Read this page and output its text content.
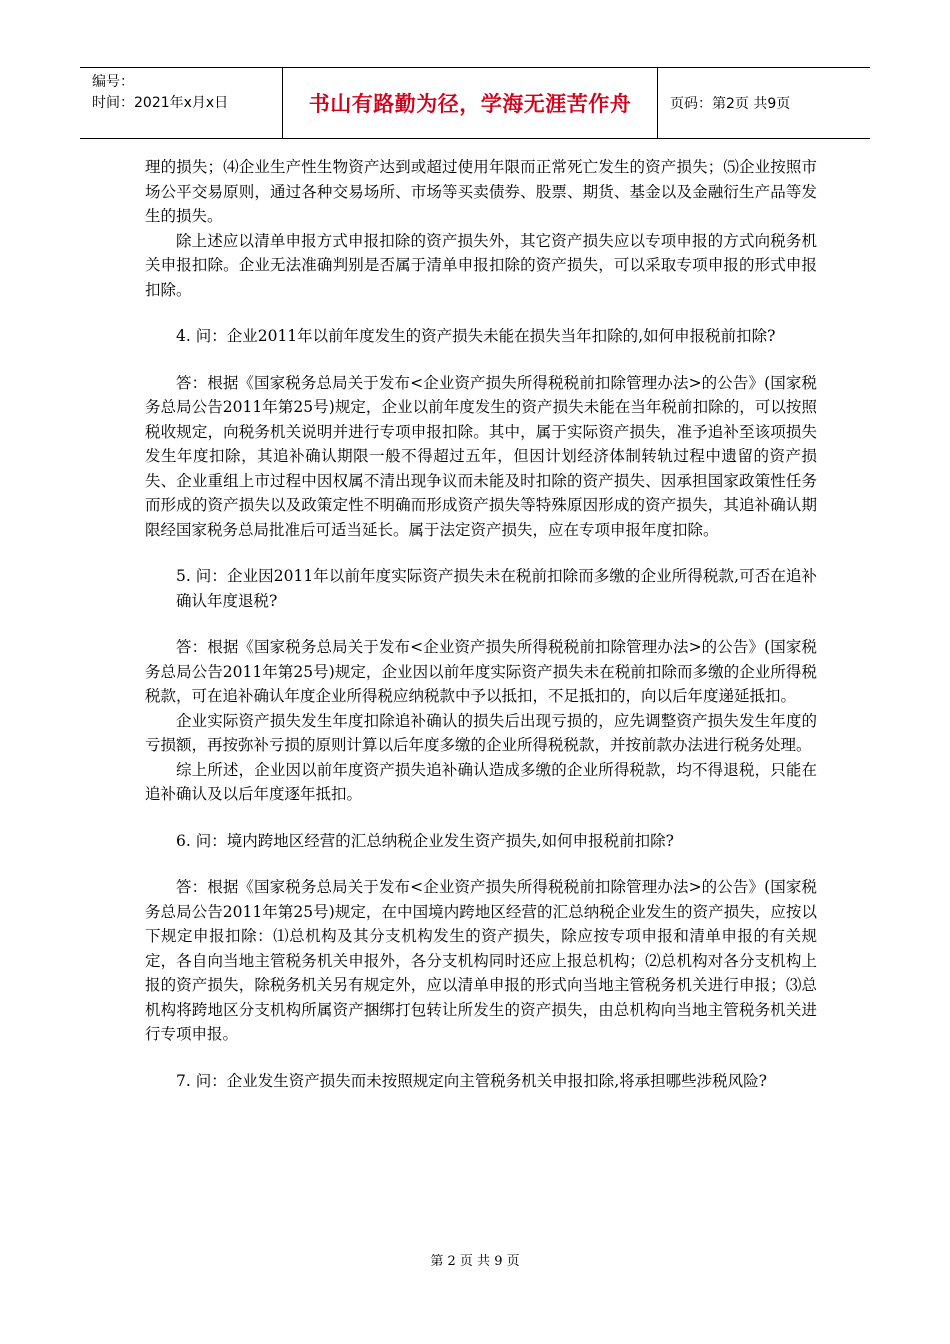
编号：
时间：2021年x月x日	书山有路勤为径，学海无涯苦作舟	页码：第2页 共9页

理的损失；⑷企业生产性生物资产达到或超过使用年限而正常死亡发生的资产损失；⑸企业按照市场公平交易原则，通过各种交易场所、市场等买卖债券、股票、期货、基金以及金融衍生产品等发生的损失。

除上述应以清单申报方式申报扣除的资产损失外，其它资产损失应以专项申报的方式向税务机关申报扣除。企业无法准确判别是否属于清单申报扣除的资产损失，可以采取专项申报的形式申报扣除。

4. 问：企业2011年以前年度发生的资产损失未能在损失当年扣除的,如何申报税前扣除?

答：根据《国家税务总局关于发布<企业资产损失所得税税前扣除管理办法>的公告》(国家税务总局公告2011年第25号)规定，企业以前年度发生的资产损失未能在当年税前扣除的，可以按照税收规定，向税务机关说明并进行专项申报扣除。其中，属于实际资产损失，准予追补至该项损失发生年度扣除，其追补确认期限一般不得超过五年，但因计划经济体制转轨过程中遗留的资产损失、企业重组上市过程中因权属不清出现争议而未能及时扣除的资产损失、因承担国家政策性任务而形成的资产损失以及政策定性不明确而形成资产损失等特殊原因形成的资产损失，其追补确认期限经国家税务总局批准后可适当延长。属于法定资产损失，应在专项申报年度扣除。

5. 问：企业因2011年以前年度实际资产损失未在税前扣除而多缴的企业所得税款,可否在追补确认年度退税?

答：根据《国家税务总局关于发布<企业资产损失所得税税前扣除管理办法>的公告》(国家税务总局公告2011年第25号)规定，企业因以前年度实际资产损失未在税前扣除而多缴的企业所得税税款，可在追补确认年度企业所得税应纳税款中予以抵扣，不足抵扣的，向以后年度递延抵扣。

企业实际资产损失发生年度扣除追补确认的损失后出现亏损的，应先调整资产损失发生年度的亏损额，再按弥补亏损的原则计算以后年度多缴的企业所得税税款，并按前款办法进行税务处理。

综上所述，企业因以前年度资产损失追补确认造成多缴的企业所得税款，均不得退税，只能在追补确认及以后年度逐年抵扣。

6. 问：境内跨地区经营的汇总纳税企业发生资产损失,如何申报税前扣除?

答：根据《国家税务总局关于发布<企业资产损失所得税税前扣除管理办法>的公告》(国家税务总局公告2011年第25号)规定，在中国境内跨地区经营的汇总纳税企业发生的资产损失，应按以下规定申报扣除：⑴总机构及其分支机构发生的资产损失，除应按专项申报和清单申报的有关规定，各自向当地主管税务机关申报外，各分支机构同时还应上报总机构；⑵总机构对各分支机构上报的资产损失，除税务机关另有规定外，应以清单申报的形式向当地主管税务机关进行申报；⑶总机构将跨地区分支机构所属资产捆绑打包转让所发生的资产损失，由总机构向当地主管税务机关进行专项申报。

7. 问：企业发生资产损失而未按照规定向主管税务机关申报扣除,将承担哪些涉税风险?

第 2 页 共 9 页
